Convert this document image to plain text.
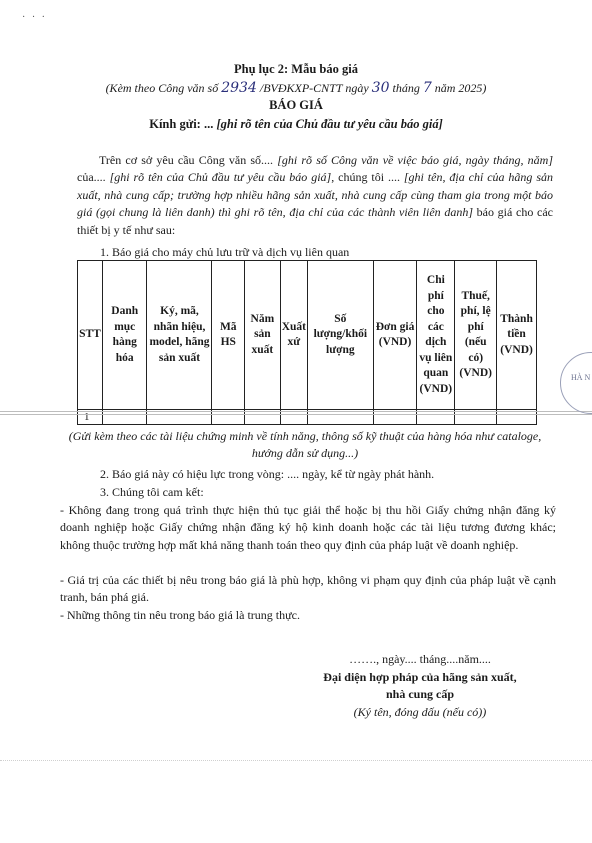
· · ·
Phụ lục 2: Mẫu báo giá
(Kèm theo Công văn số 2934 /BVĐKXP-CNTT ngày 30 tháng 7 năm 2025)
BÁO GIÁ
Kính gửi: ... [ghi rõ tên của Chủ đầu tư yêu cầu báo giá]
Trên cơ sở yêu cầu Công văn số.... [ghi rõ số Công văn về việc báo giá, ngày tháng, năm] của.... [ghi rõ tên của Chủ đầu tư yêu cầu báo giá], chúng tôi .... [ghi tên, địa chỉ của hãng sản xuất, nhà cung cấp; trường hợp nhiều hãng sản xuất, nhà cung cấp cùng tham gia trong một báo giá (gọi chung là liên danh) thì ghi rõ tên, địa chỉ của các thành viên liên danh] báo giá cho các thiết bị y tế như sau:
1. Báo giá cho máy chủ lưu trữ và dịch vụ liên quan
STT	Danh mục hàng hóa	Ký, mã, nhãn hiệu, model, hãng sản xuất	Mã HS	Năm sản xuất	Xuất xứ	Số lượng/khối lượng	Đơn giá (VND)	Chi phí cho các dịch vụ liên quan (VND)	Thuế, phí, lệ phí (nếu có) (VND)	Thành tiền (VND)
1										
HÀ N
(Gửi kèm theo các tài liệu chứng minh về tính năng, thông số kỹ thuật của hàng hóa như cataloge, hướng dẫn sử dụng...)
2. Báo giá này có hiệu lực trong vòng: .... ngày, kể từ ngày phát hành.
3. Chúng tôi cam kết:
- Không đang trong quá trình thực hiện thủ tục giải thể hoặc bị thu hồi Giấy chứng nhận đăng ký doanh nghiệp hoặc Giấy chứng nhận đăng ký hộ kinh doanh hoặc các tài liệu tương đương khác; không thuộc trường hợp mất khả năng thanh toán theo quy định của pháp luật về doanh nghiệp.
- Giá trị của các thiết bị nêu trong báo giá là phù hợp, không vi phạm quy định của pháp luật về cạnh tranh, bán phá giá.
- Những thông tin nêu trong báo giá là trung thực.
……., ngày.... tháng....năm....
Đại diện hợp pháp của hãng sản xuất,
nhà cung cấp
(Ký tên, đóng dấu (nếu có))
